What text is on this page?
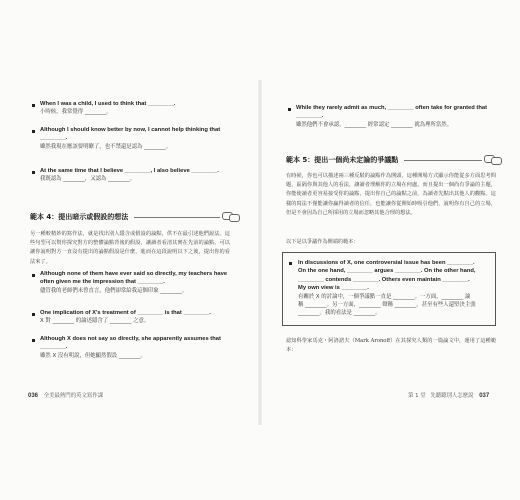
When I was a child, I used to think that ________.
小時候，我常覺得 ________。
Although I should know better by now, I cannot help thinking that ________.
雖然我現在應該要明瞭了，也不禁還是認為 ________。
At the same time that I believe ________, I also believe ________.
我既認為 ________，又認為 ________。
範本 4：提出暗示或假設的想法
另一種較精妙的寫作法，就是找出別人隱含或假設的論點，供不在最引述他們說法。這些句型可以幫你探究對方的整體論點背後的假設，讓讀者看清其實在先前的論點，可以讓你說明對方一直沒有提出的論點假設是什麼，進而在這段說明以下之後，提出你的看法來了。
Although none of them have ever said so directly, my teachers have often given me the impression that ________.
儘管我的老師們未曾直言，他們卻常給我這個印象 ________。
One implication of X's treatment of ________ is that ________.
X 對 ________ 的論述隱含了 ________ 之意。
Although X does not say so directly, she apparently assumes that ________.
雖然 X 沒有明說，但她顯然假設 ________。
036 全美最熱門的英文寫作課
While they rarely admit as much, ________ often take for granted that ________.
雖然他們不會承認，________ 經常認定 ________ 就為理所當然。
範本 5：提出一個尚未定論的爭議點
有時候，你也可以描述兩三種反駁的論點作為開頭，這種開場方式顯示你能從多方面思考問題，區隔你與其他人的看法，讓讀者理解你的立場在何處，而且提出一個尚有爭論的主題，你能使讀者更容易接受你的論點，提出你自己的論點之前，為讀者先點出其他人的觀點。這樣的寫法不僅能讓你贏得讀者的信任，也能讓你從開始時吸引他們，說明你有自己的立場，但是不會因為自己所採用的立場而忽略其他合理的想法。
以下是以爭議作為開端的範本：
In discussions of X, one controversial issue has been ________.
On the one hand, ________ argues ________. On the other hand,
________ contends ________. Others even maintain ________.
My own view is ________.
有關於 X 的討論中，一個爭議點一直是 ________。一方面，________ 論
稱 ________。另一方面，________ 聲稱 ________。甚至有些人還堅決主張
________。我的看法是 ________。
認知科學家馬克・阿洛諾夫（Mark Aronoff）在其探究人類的一篇論文中，運用了這種範本：
第 1 堂 先聽聽別人怎麼說 037
